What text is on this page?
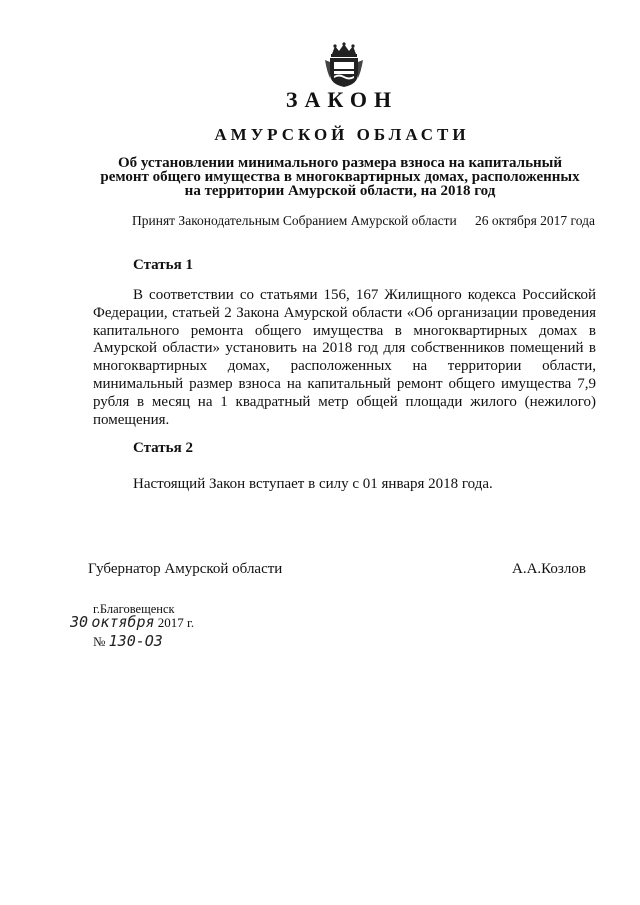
ЗАКОН
АМУРСКОЙ ОБЛАСТИ
Об установлении минимального размера взноса на капитальный ремонт общего имущества в многоквартирных домах, расположенных на территории Амурской области, на 2018 год
Принят Законодательным Собранием Амурской области 26 октября 2017 года
Статья 1
В соответствии со статьями 156, 167 Жилищного кодекса Российской Федерации, статьей 2 Закона Амурской области «Об организации проведения капитального ремонта общего имущества в многоквартирных домах в Амурской области» установить на 2018 год для собственников помещений в многоквартирных домах, расположенных на территории области, минимальный размер взноса на капитальный ремонт общего имущества 7,9 рубля в месяц на 1 квадратный метр общей площади жилого (нежилого) помещения.
Статья 2
Настоящий Закон вступает в силу с 01 января 2018 года.
Губернатор Амурской области	А.А.Козлов
г.Благовещенск
30 октября 2017 г.
№ 130-ОЗ
